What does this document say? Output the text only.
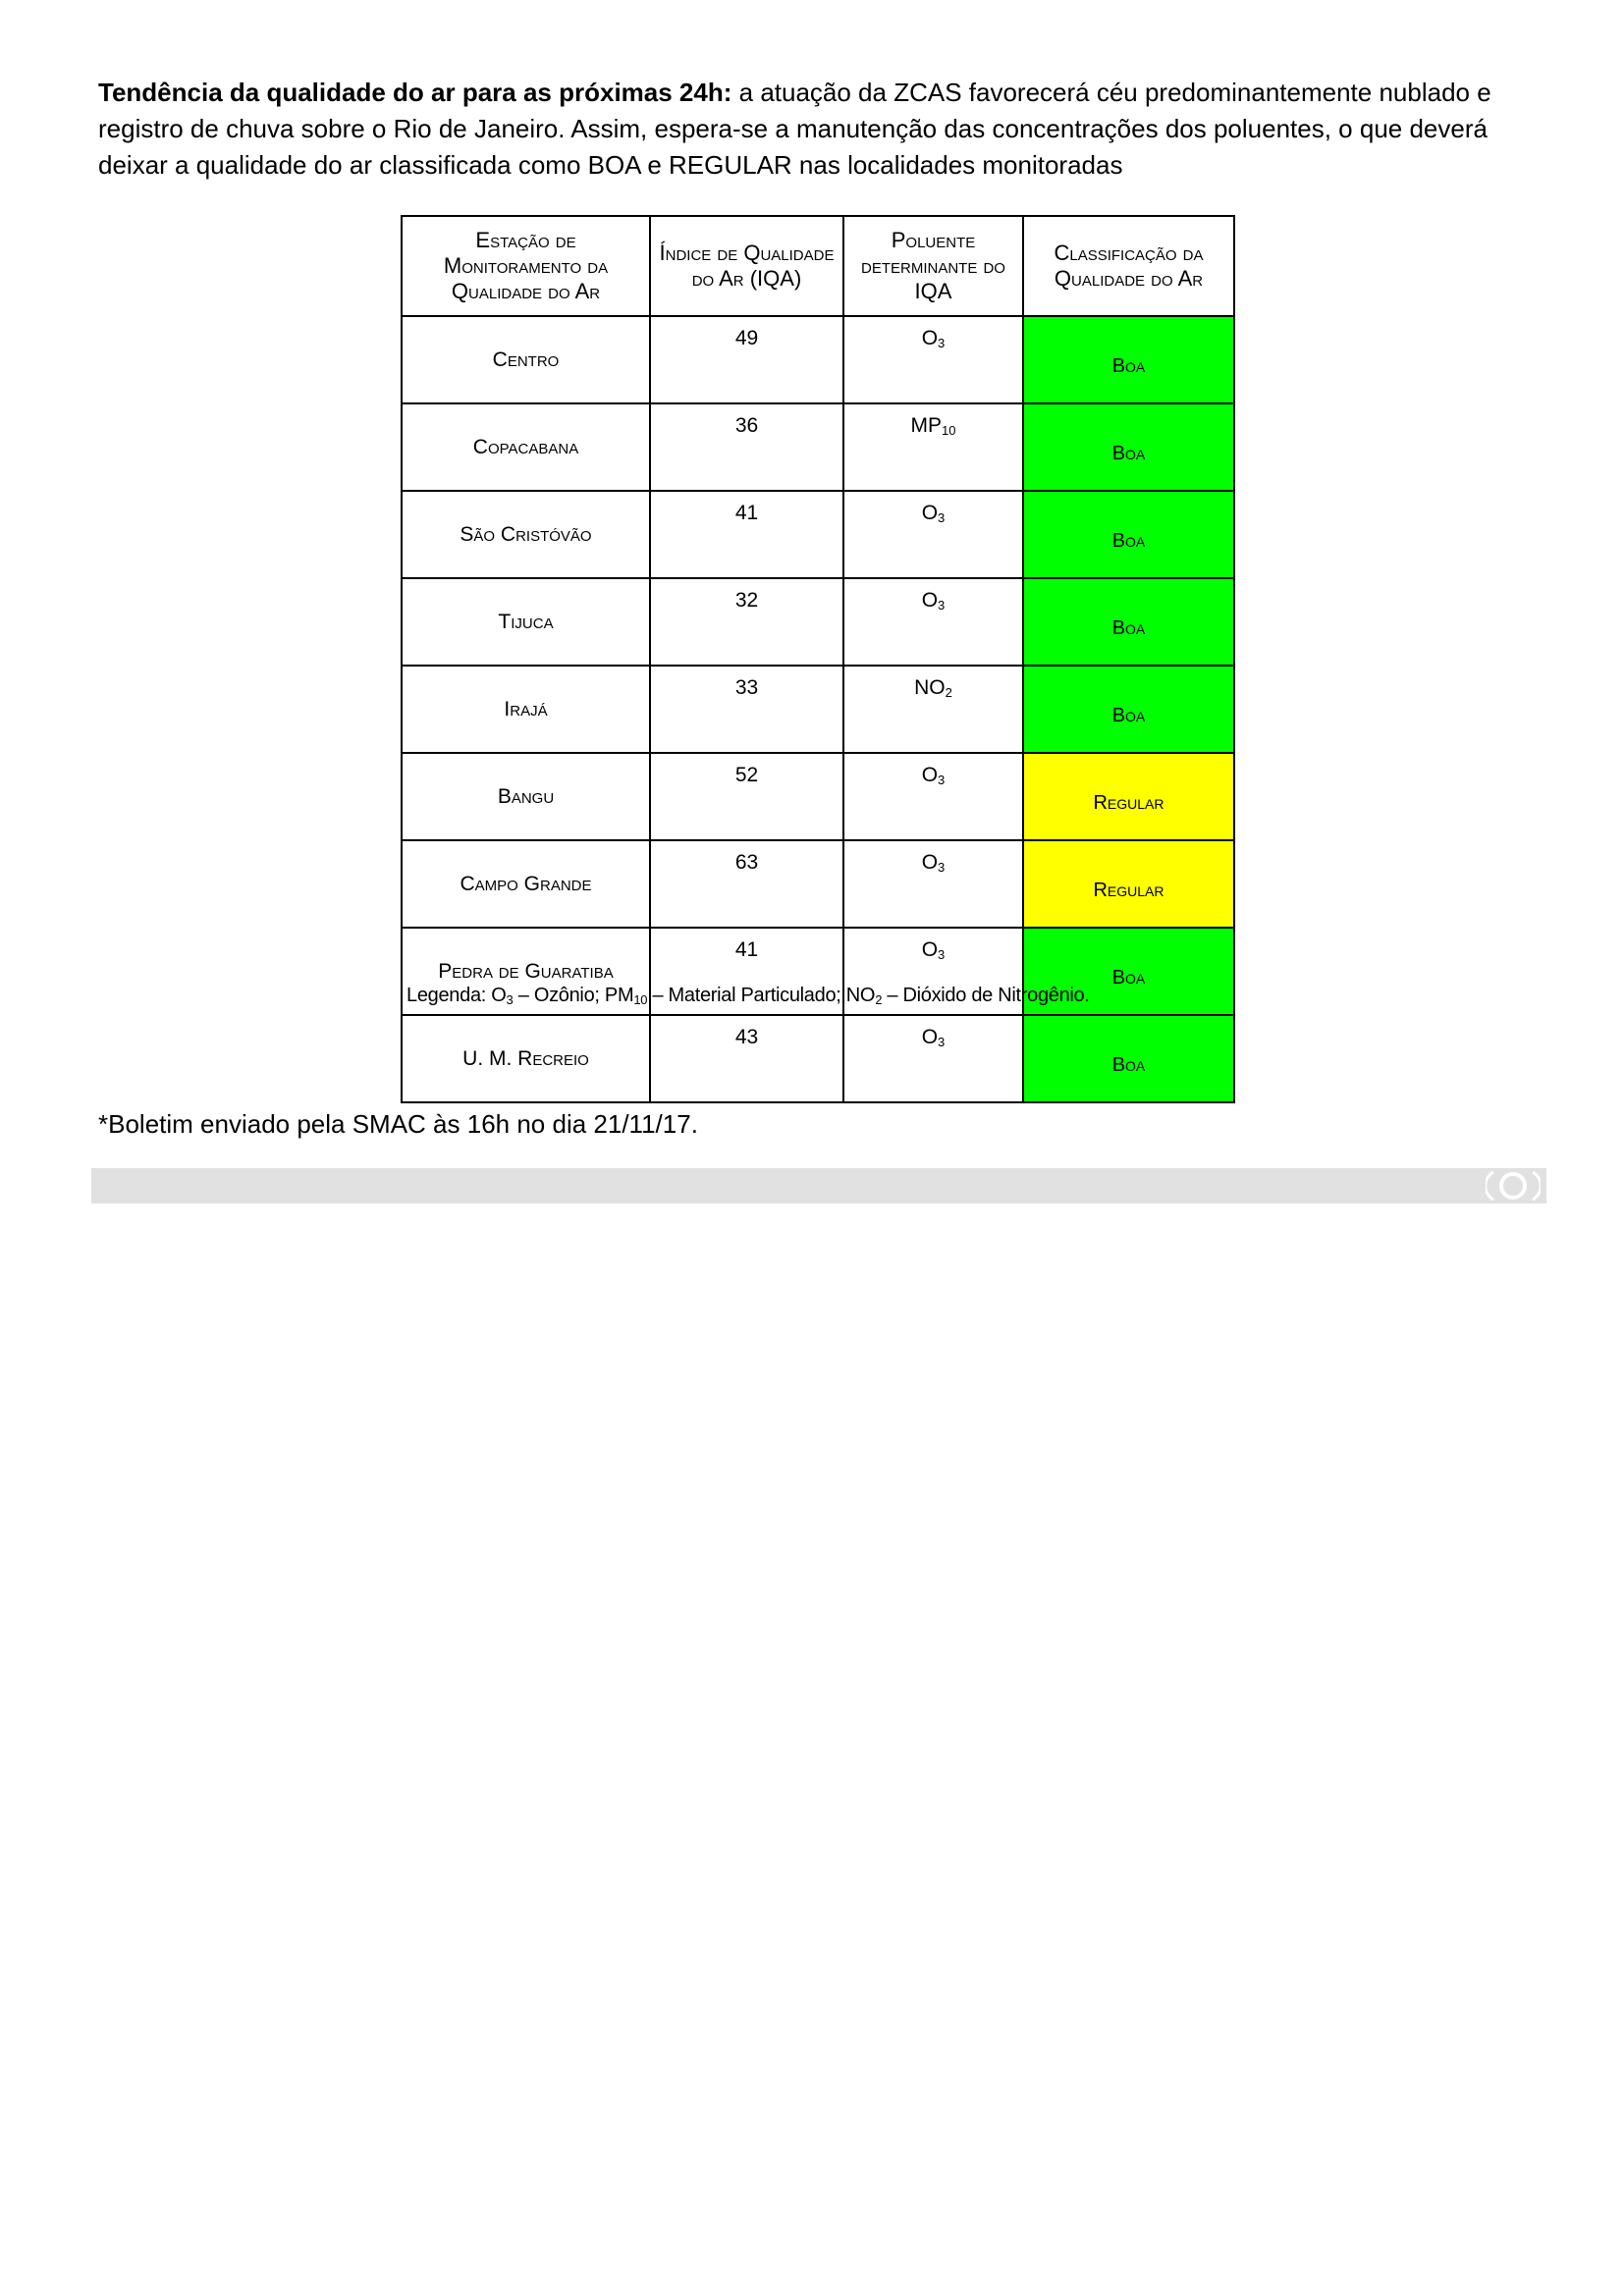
Tendência da qualidade do ar para as próximas 24h: a atuação da ZCAS favorecerá céu predominantemente nublado e registro de chuva sobre o Rio de Janeiro. Assim, espera-se a manutenção das concentrações dos poluentes, o que deverá deixar a qualidade do ar classificada como BOA e REGULAR nas localidades monitoradas
Estação de Monitoramento da Qualidade do Ar	Índice de Qualidade do Ar (IQA)	Poluente determinante do IQA	Classificação da Qualidade do Ar
Centro	49	$O_3$	Boa
Copacabana	36	$MP_{10}$	Boa
São Cristóvão	41	$O_3$	Boa
Tijuca	32	$O_3$	Boa
Irajá	33	$NO_2$	Boa
Bangu	52	$O_3$	Regular
Campo Grande	63	$O_3$	Regular
Pedra de Guaratiba	41	$O_3$	Boa
U. M. Recreio	43	$O_3$	Boa
Legenda: $O_3$ – Ozônio; $PM_{10}$ – Material Particulado; $NO_2$ – Dióxido de Nitrogênio.
*Boletim enviado pela SMAC às 16h no dia 21/11/17.
